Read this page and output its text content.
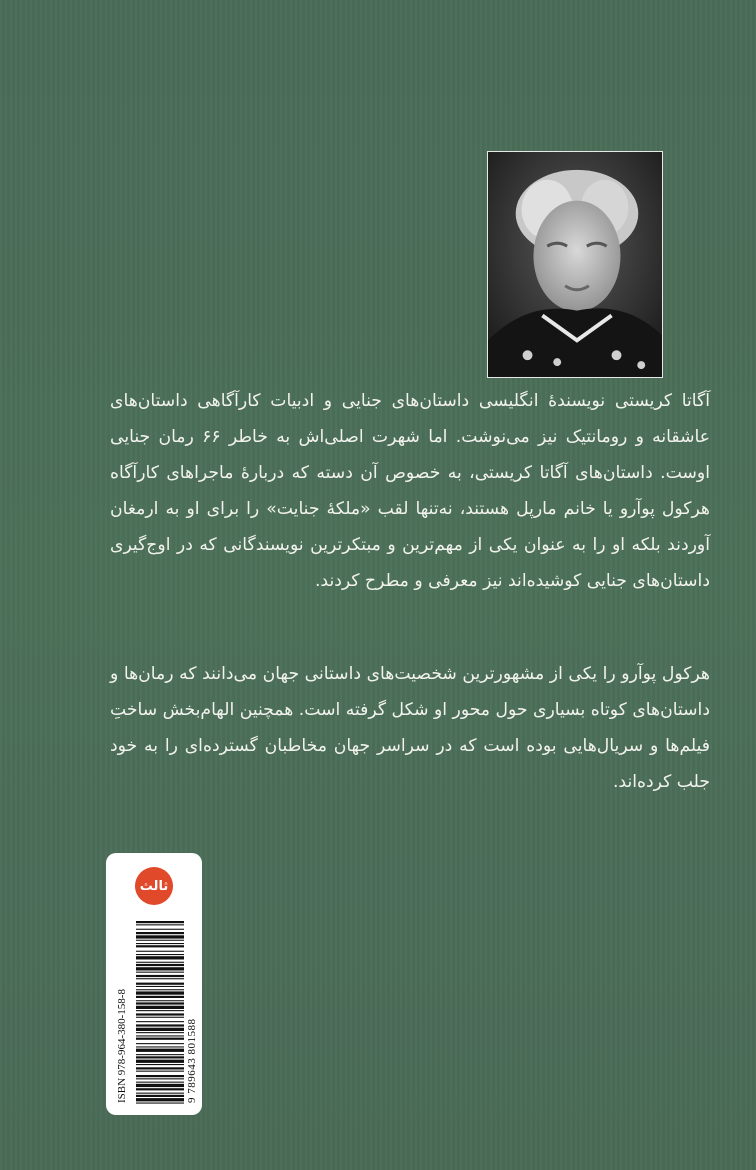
آگاتا کریستی نویسندهٔ انگلیسی داستان‌های جنایی و ادبیات کارآگاهی داستان‌های عاشقانه و رومانتیک نیز می‌نوشت. اما شهرت اصلی‌اش به خاطر ۶۶ رمان جنایی اوست. داستان‌های آگاتا کریستی، به خصوص آن دسته که دربارهٔ ماجراهای کارآگاه هرکول پوآرو یا خانم مارپل هستند، نه‌تنها لقب «ملکهٔ جنایت» را برای او به ارمغان آوردند بلکه او را به عنوان یکی از مهم‌ترین و مبتکرترین نویسندگانی که در اوج‌گیری داستان‌های جنایی کوشیده‌اند نیز معرفی و مطرح کردند.
هرکول پوآرو را یکی از مشهورترین شخصیت‌های داستانی جهان می‌دانند که رمان‌ها و داستان‌های کوتاه بسیاری حول محور او شکل گرفته است. همچنین الهام‌بخش ساختِ فیلم‌ها و سریال‌هایی بوده است که در سراسر جهان مخاطبان گسترده‌ای را به خود جلب کرده‌اند.
ثالث
ISBN 978-964-380-158-8	9 789643 801588
